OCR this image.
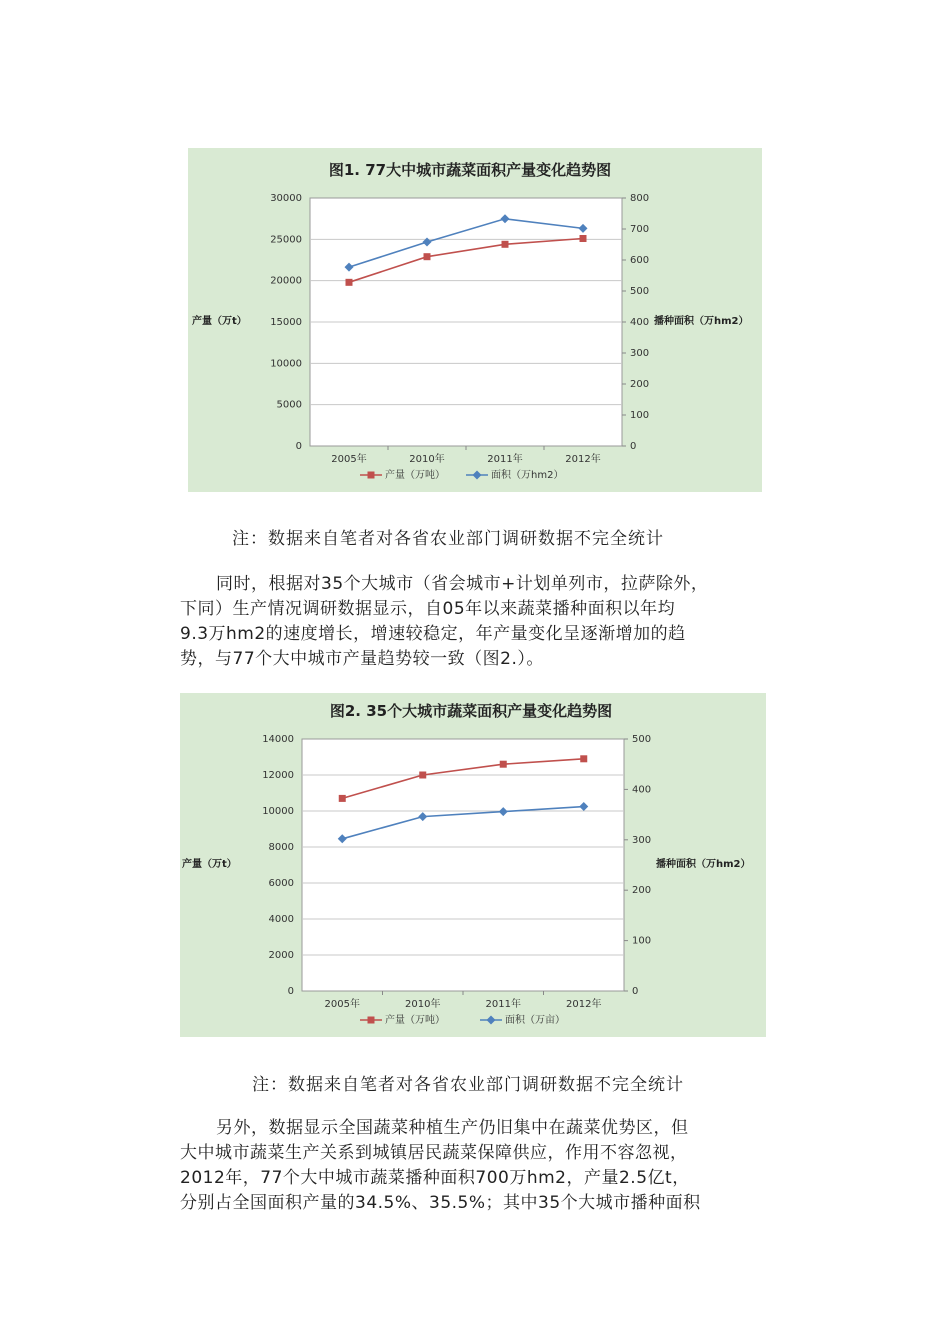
图1. 77大中城市蔬菜面积产量变化趋势图
30000
25000
20000
15000
10000
5000
0
800
700
600
500
400
300
200
100
0
产量（万t）	播种面积（万hm2）
2005年	2010年	2011年	2012年
产量（万吨）	面积（万hm2）
注：数据来自笔者对各省农业部门调研数据不完全统计

同时，根据对35个大城市（省会城市+计划单列市，拉萨除外，

下同）生产情况调研数据显示，自05年以来蔬菜播种面积以年均

9.3万hm2的速度增长，增速较稳定，年产量变化呈逐渐增加的趋

势，与77个大中城市产量趋势较一致（图2.）。

图2. 35个大城市蔬菜面积产量变化趋势图
14000
12000
10000
8000
6000
4000
2000
0
500
400
300
200
100
0
产量（万t）	播种面积（万hm2）
2005年	2010年	2011年	2012年
产量（万吨）	面积（万亩）
注：数据来自笔者对各省农业部门调研数据不完全统计

另外，数据显示全国蔬菜种植生产仍旧集中在蔬菜优势区，但

大中城市蔬菜生产关系到城镇居民蔬菜保障供应，作用不容忽视，

2012年，77个大中城市蔬菜播种面积700万hm2，产量2.5亿t，

分别占全国面积产量的34.5%、35.5%；其中35个大城市播种面积
